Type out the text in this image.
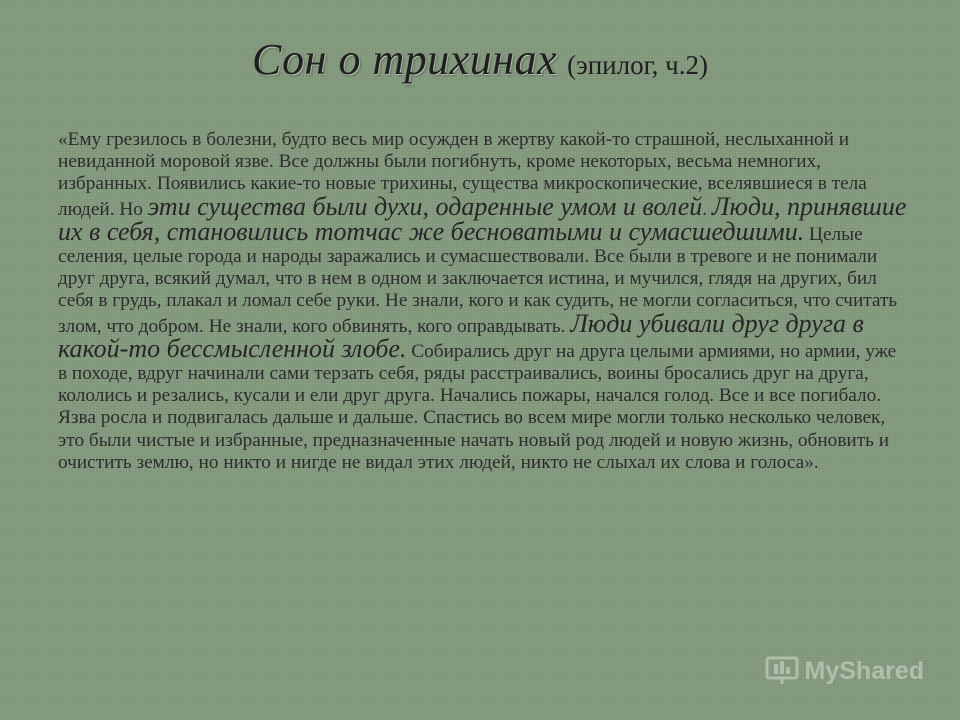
Сон о трихинах (эпилог, ч.2)
«Ему грезилось в болезни, будто весь мир осужден в жертву какой-то страшной, неслыханной и невиданной моровой язве. Все должны были погибнуть, кроме некоторых, весьма немногих, избранных. Появились какие-то новые трихины, существа микроскопические, вселявшиеся в тела людей. Но эти существа были духи, одаренные умом и волей. Люди, принявшие их в себя, становились тотчас же бесноватыми и сумасшедшими. Целые селения, целые города и народы заражались и сумасшествовали. Все были в тревоге и не понимали друг друга, всякий думал, что в нем в одном и заключается истина, и мучился, глядя на других, бил себя в грудь, плакал и ломал себе руки. Не знали, кого и как судить, не могли согласиться, что считать злом, что добром. Не знали, кого обвинять, кого оправдывать. Люди убивали друг друга в какой-то бессмысленной злобе. Собирались друг на друга целыми армиями, но армии, уже в походе, вдруг начинали сами терзать себя, ряды расстраивались, воины бросались друг на друга, кололись и резались, кусали и ели друг друга. Начались пожары, начался голод. Все и все погибало. Язва росла и подвигалась дальше и дальше. Спастись во всем мире могли только несколько человек, это были чистые и избранные, предназначенные начать новый род людей и новую жизнь, обновить и очистить землю, но никто и нигде не видал этих людей, никто не слыхал их слова и голоса».
MyShared
